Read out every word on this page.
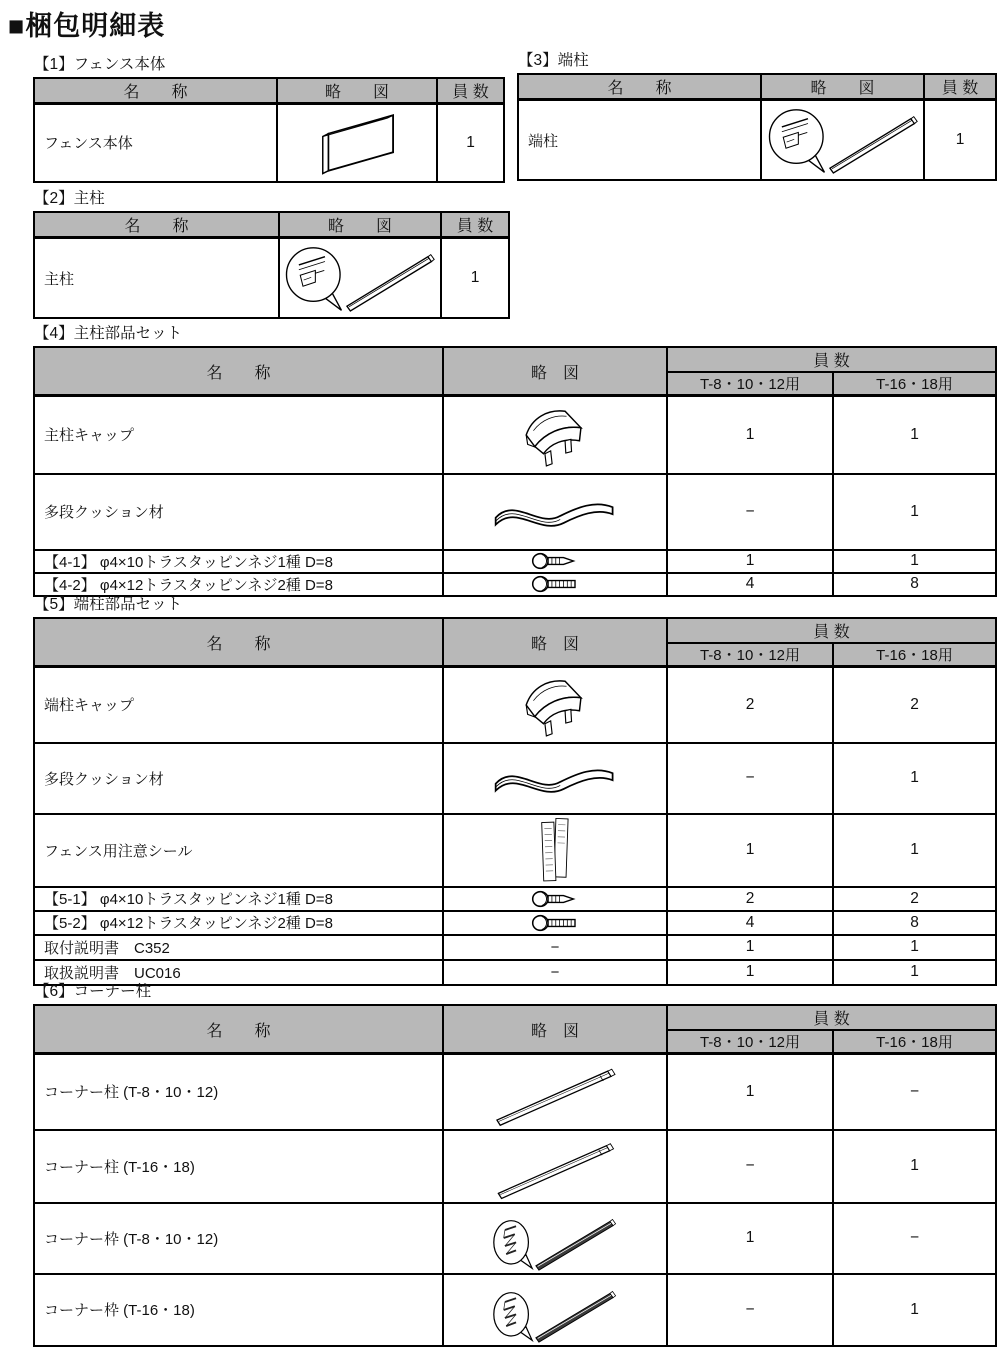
■梱包明細表
【1】フェンス本体
名　　称	略　　図	員 数
フェンス本体		1
【3】端柱
名　　称	略　　図	員 数
端柱		1
【2】主柱
名　　称	略　　図	員 数
主柱		1
【4】主柱部品セット
名　　称	略　図	員 数	
		T-8・10・12用	T-16・18用
主柱キャップ		1	1
多段クッション材		−	1
【4-1】 φ4×10トラスタッピンネジ1種 D=8		1	1
【4-2】 φ4×12トラスタッピンネジ2種 D=8		4	8
【5】端柱部品セット
名　　称	略　図	員 数	
		T-8・10・12用	T-16・18用
端柱キャップ		2	2
多段クッション材		−	1
フェンス用注意シール		1	1
【5-1】 φ4×10トラスタッピンネジ1種 D=8		2	2
【5-2】 φ4×12トラスタッピンネジ2種 D=8		4	8
取付説明書　C352	−	1	1
取扱説明書　UC016	−	1	1
【6】コーナー柱
名　　称	略　図	員 数	
		T-8・10・12用	T-16・18用
コーナー柱 (T-8・10・12)		1	−
コーナー柱 (T-16・18)		−	1
コーナー枠 (T-8・10・12)		1	−
コーナー枠 (T-16・18)		−	1
